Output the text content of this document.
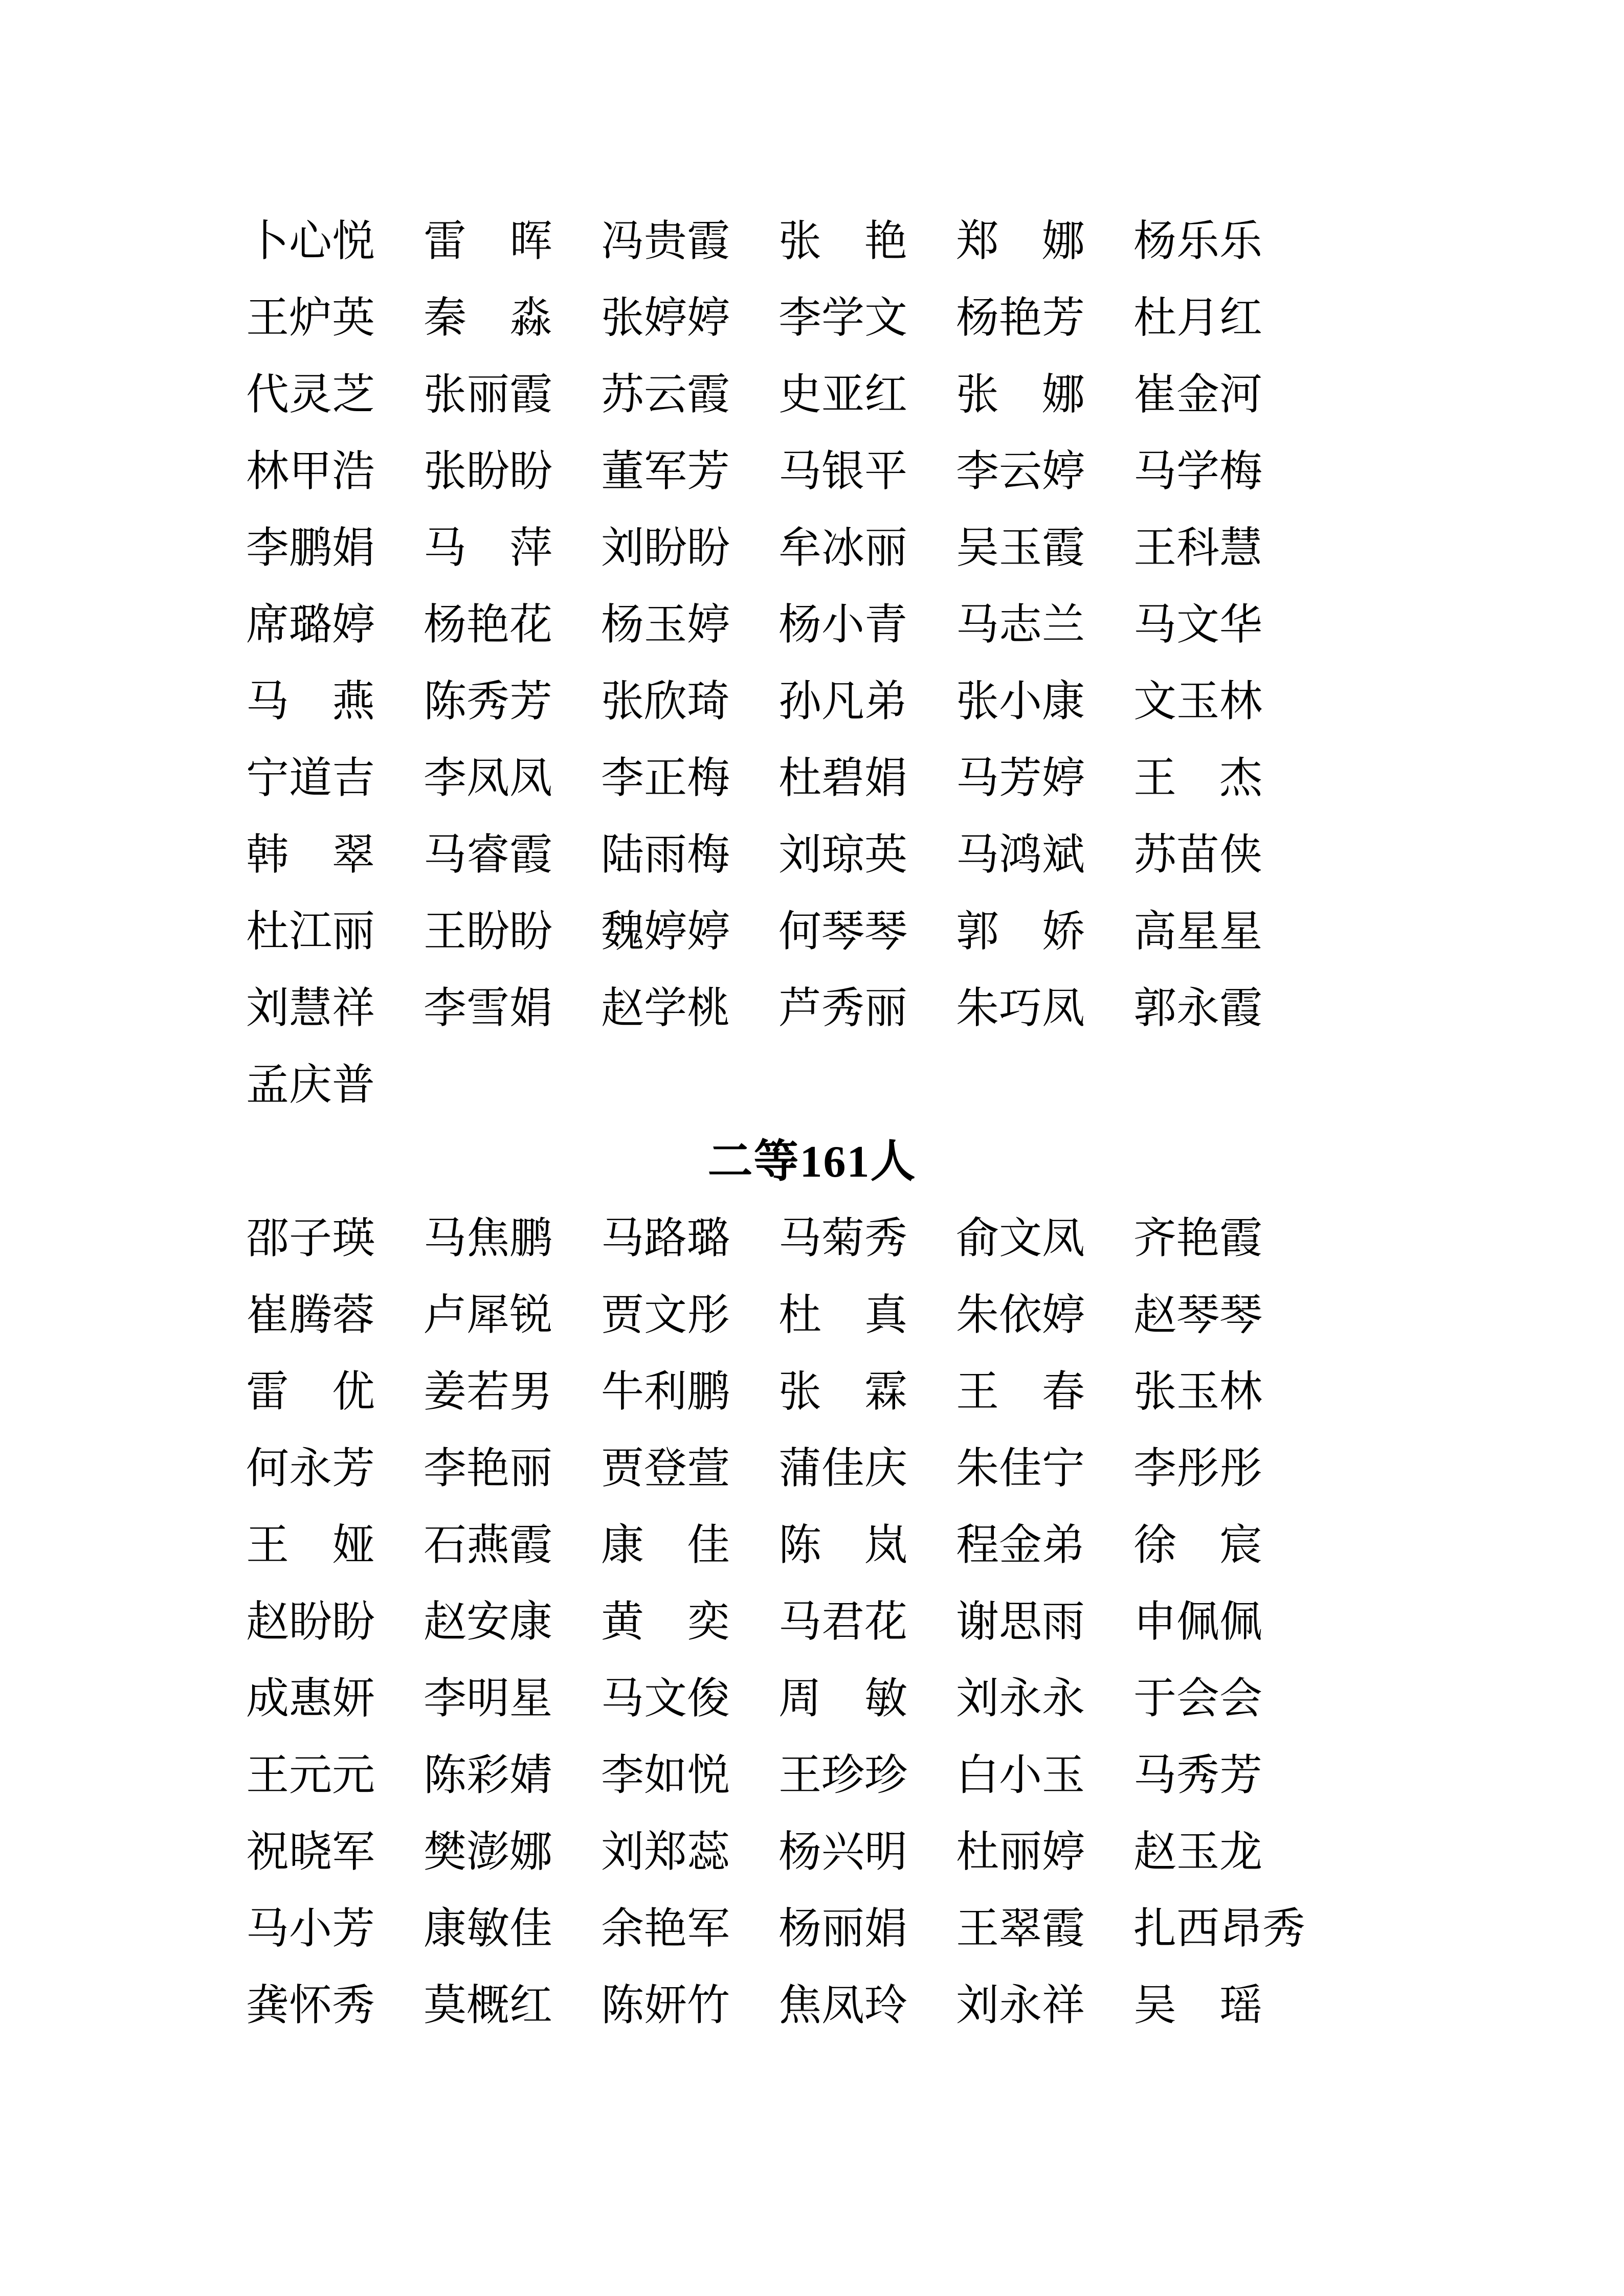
卜心悦 雷　晖 冯贵霞 张　艳 郑　娜 杨乐乐
王炉英 秦　淼 张婷婷 李学文 杨艳芳 杜月红
代灵芝 张丽霞 苏云霞 史亚红 张　娜 崔金河
林甲浩 张盼盼 董军芳 马银平 李云婷 马学梅
李鹏娟 马　萍 刘盼盼 牟冰丽 吴玉霞 王科慧
席璐婷 杨艳花 杨玉婷 杨小青 马志兰 马文华
马　燕 陈秀芳 张欣琦 孙凡弟 张小康 文玉林
宁道吉 李凤凤 李正梅 杜碧娟 马芳婷 王　杰
韩　翠 马睿霞 陆雨梅 刘琼英 马鸿斌 苏苗侠
杜江丽 王盼盼 魏婷婷 何琴琴 郭　娇 高星星
刘慧祥 李雪娟 赵学桃 芦秀丽 朱巧凤 郭永霞
孟庆普
二等161人
邵子瑛 马焦鹏 马路璐 马菊秀 俞文凤 齐艳霞
崔腾蓉 卢犀锐 贾文彤 杜　真 朱依婷 赵琴琴
雷　优 姜若男 牛利鹏 张　霖 王　春 张玉林
何永芳 李艳丽 贾登萱 蒲佳庆 朱佳宁 李彤彤
王　娅 石燕霞 康　佳 陈　岚 程金弟 徐　宸
赵盼盼 赵安康 黄　奕 马君花 谢思雨 申佩佩
成惠妍 李明星 马文俊 周　敏 刘永永 于会会
王元元 陈彩婧 李如悦 王珍珍 白小玉 马秀芳
祝晓军 樊澎娜 刘郑蕊 杨兴明 杜丽婷 赵玉龙
马小芳 康敏佳 余艳军 杨丽娟 王翠霞 扎西昂秀
龚怀秀 莫概红 陈妍竹 焦凤玲 刘永祥 吴　瑶
